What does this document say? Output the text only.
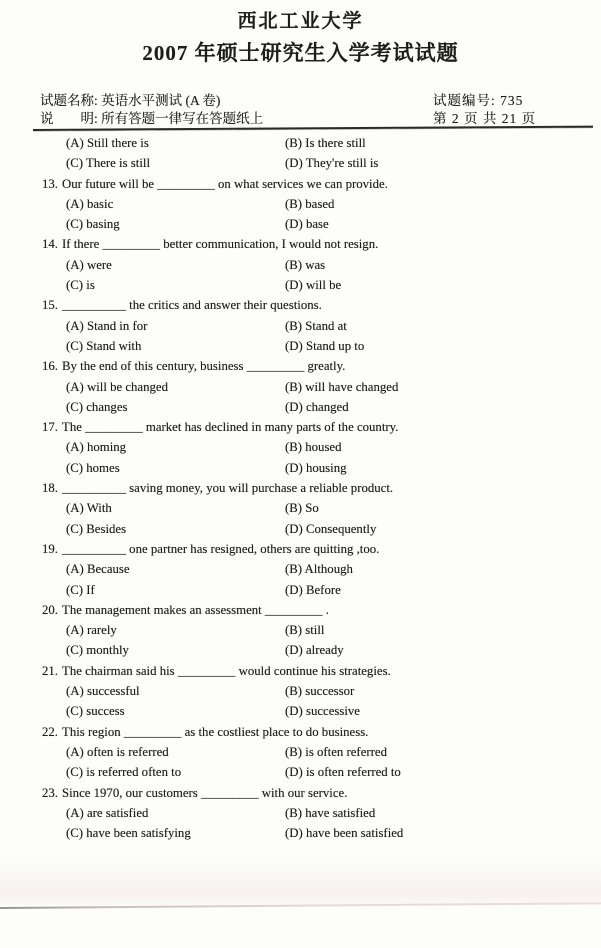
西北工业大学
2007 年硕士研究生入学考试试题
试题名称: 英语水平测试 (A 卷)
说　　明: 所有答题一律写在答题纸上
试题编号: 735
第 2 页 共 21 页
(A) Still there is	(B) Is there still
(C) There is still	(D) They're still is
13. Our future will be _________ on what services we can provide.
(A) basic	(B) based
(C) basing	(D) base
14. If there _________ better communication, I would not resign.
(A) were	(B) was
(C) is	(D) will be
15. __________ the critics and answer their questions.
(A) Stand in for	(B) Stand at
(C) Stand with	(D) Stand up to
16. By the end of this century, business _________ greatly.
(A) will be changed	(B) will have changed
(C) changes	(D) changed
17. The _________ market has declined in many parts of the country.
(A) homing	(B) housed
(C) homes	(D) housing
18. __________ saving money, you will purchase a reliable product.
(A) With	(B) So
(C) Besides	(D) Consequently
19. __________ one partner has resigned, others are quitting ,too.
(A) Because	(B) Although
(C) If	(D) Before
20. The management makes an assessment _________ .
(A) rarely	(B) still
(C) monthly	(D) already
21. The chairman said his _________ would continue his strategies.
(A) successful	(B) successor
(C) success	(D) successive
22. This region _________ as the costliest place to do business.
(A) often is referred	(B) is often referred
(C) is referred often to	(D) is often referred to
23. Since 1970, our customers _________ with our service.
(A) are satisfied	(B) have satisfied
(C) have been satisfying	(D) have been satisfied
